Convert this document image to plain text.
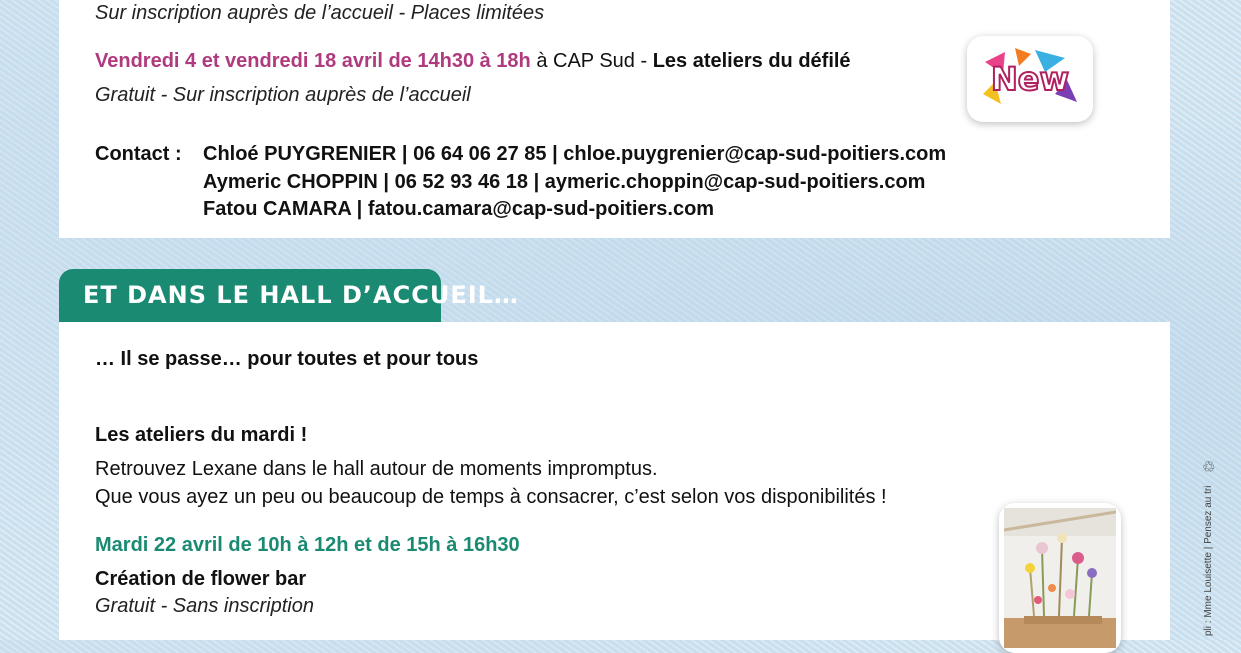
Sur inscription auprès de l’accueil - Places limitées
Vendredi 4 et vendredi 18 avril de 14h30 à 18h à CAP Sud - Les ateliers du défilé
Gratuit - Sur inscription auprès de l’accueil
Contact : Chloé PUYGRENIER | 06 64 06 27 85 | chloe.puygrenier@cap-sud-poitiers.com
Aymeric CHOPPIN | 06 52 93 46 18 | aymeric.choppin@cap-sud-poitiers.com
Fatou CAMARA | fatou.camara@cap-sud-poitiers.com
New
ET DANS LE HALL D’ACCUEIL…
… Il se passe… pour toutes et pour tous
Les ateliers du mardi !
Retrouvez Lexane dans le hall autour de moments impromptus.
Que vous ayez un peu ou beaucoup de temps à consacrer, c’est selon vos disponibilités !
Mardi 22 avril de 10h à 12h et de 15h à 16h30
Création de flower bar
Gratuit - Sans inscription
♲
pli : Mme Louisette | Pensez au tri
